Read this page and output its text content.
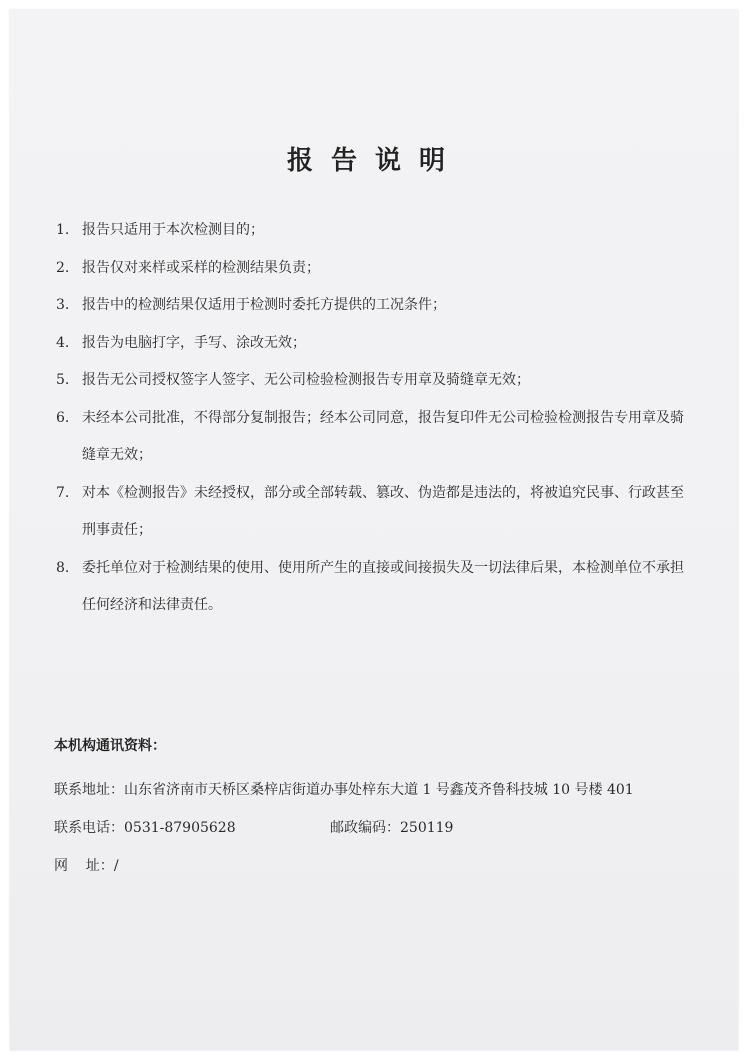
报告说明
1. 报告只适用于本次检测目的；
2. 报告仅对来样或采样的检测结果负责；
3. 报告中的检测结果仅适用于检测时委托方提供的工况条件；
4. 报告为电脑打字，手写、涂改无效；
5. 报告无公司授权签字人签字、无公司检验检测报告专用章及骑缝章无效；
6. 未经本公司批准，不得部分复制报告；经本公司同意，报告复印件无公司检验检测报告专用章及骑缝章无效；
7. 对本《检测报告》未经授权，部分或全部转载、篡改、伪造都是违法的，将被追究民事、行政甚至刑事责任；
8. 委托单位对于检测结果的使用、使用所产生的直接或间接损失及一切法律后果，本检测单位不承担任何经济和法律责任。
本机构通讯资料：
联系地址：山东省济南市天桥区桑梓店街道办事处梓东大道 1 号鑫茂齐鲁科技城 10 号楼 401
联系电话：0531-87905628	邮政编码：250119
网    址：/
